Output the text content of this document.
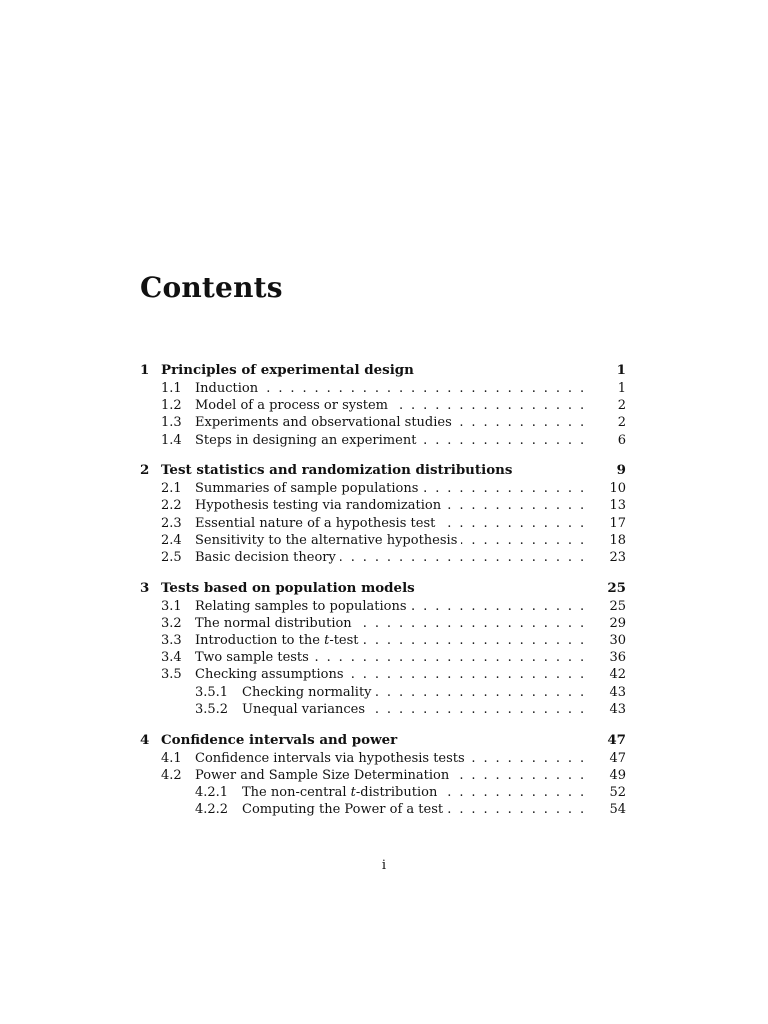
Contents
1 Principles of experimental design	1
1.1 Induction . . .	1
1.2 Model of a process or system . . .	2
1.3 Experiments and observational studies . . .	2
1.4 Steps in designing an experiment . . .	6
2 Test statistics and randomization distributions	9
2.1 Summaries of sample populations . . .	10
2.2 Hypothesis testing via randomization . . .	13
2.3 Essential nature of a hypothesis test . . .	17
2.4 Sensitivity to the alternative hypothesis . . .	18
2.5 Basic decision theory . . .	23
3 Tests based on population models	25
3.1 Relating samples to populations . . .	25
3.2 The normal distribution . . .	29
3.3 Introduction to the t-test . . .	30
3.4 Two sample tests . . .	36
3.5 Checking assumptions . . .	42
3.5.1 Checking normality . . .	43
3.5.2 Unequal variances . . .	43
4 Confidence intervals and power	47
4.1 Confidence intervals via hypothesis tests . . .	47
4.2 Power and Sample Size Determination . . .	49
4.2.1 The non-central t-distribution . . .	52
4.2.2 Computing the Power of a test . . .	54
i
